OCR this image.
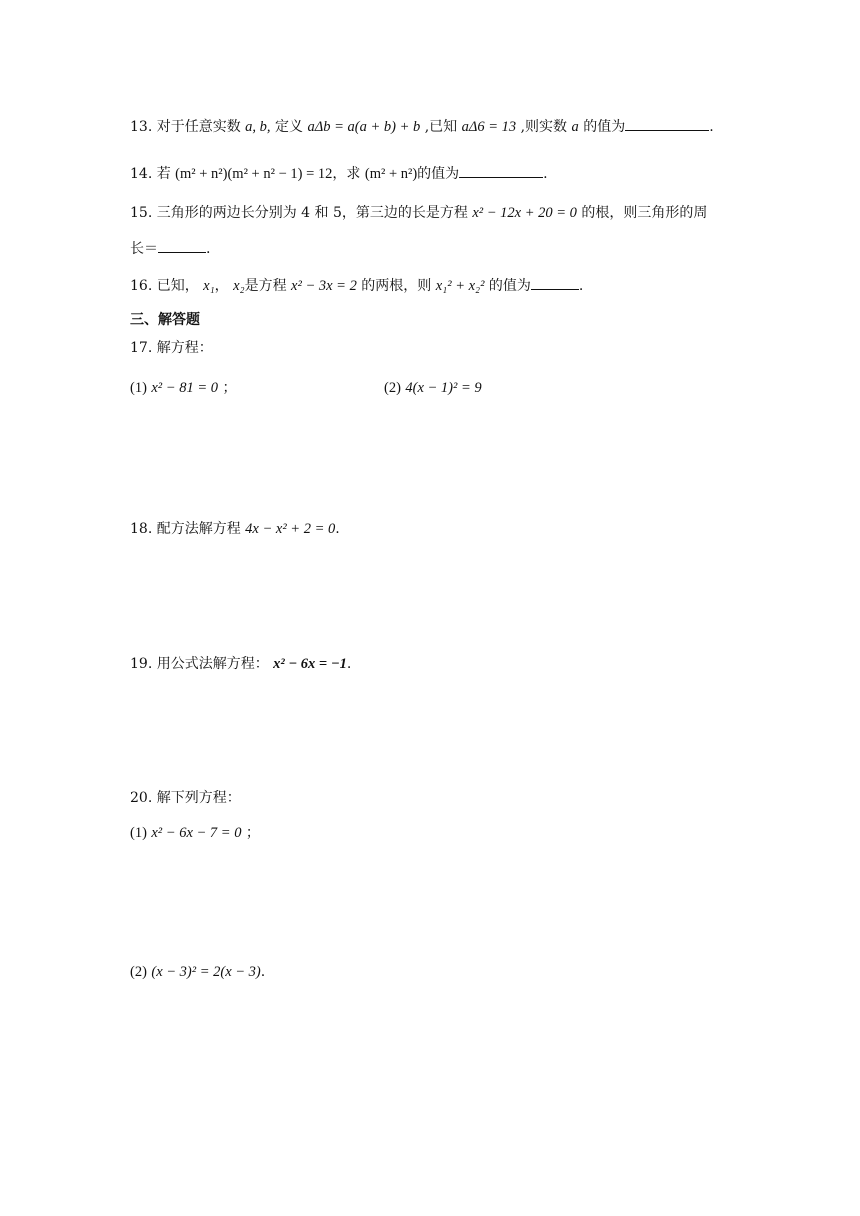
13. 对于任意实数 a, b, 定义 aΔb = a(a + b) + b ,已知 aΔ6 = 13 ,则实数 a 的值为	.
14. 若 (m² + n²)(m² + n² − 1) = 12，求 (m² + n²)的值为	.
15. 三角形的两边长分别为 4 和 5，第三边的长是方程 x² − 12x + 20 = 0 的根，则三角形的周
长＝	.
16. 已知， x₁， x₂是方程 x² − 3x = 2 的两根，则 x₁² + x₂² 的值为	.
三、解答题
17. 解方程：
(1) x² − 81 = 0 ；	(2) 4(x − 1)² = 9
18. 配方法解方程 4x − x² + 2 = 0.
19. 用公式法解方程： x² − 6x = −1.
20. 解下列方程：
(1) x² − 6x − 7 = 0 ；
(2) (x − 3)² = 2(x − 3).
